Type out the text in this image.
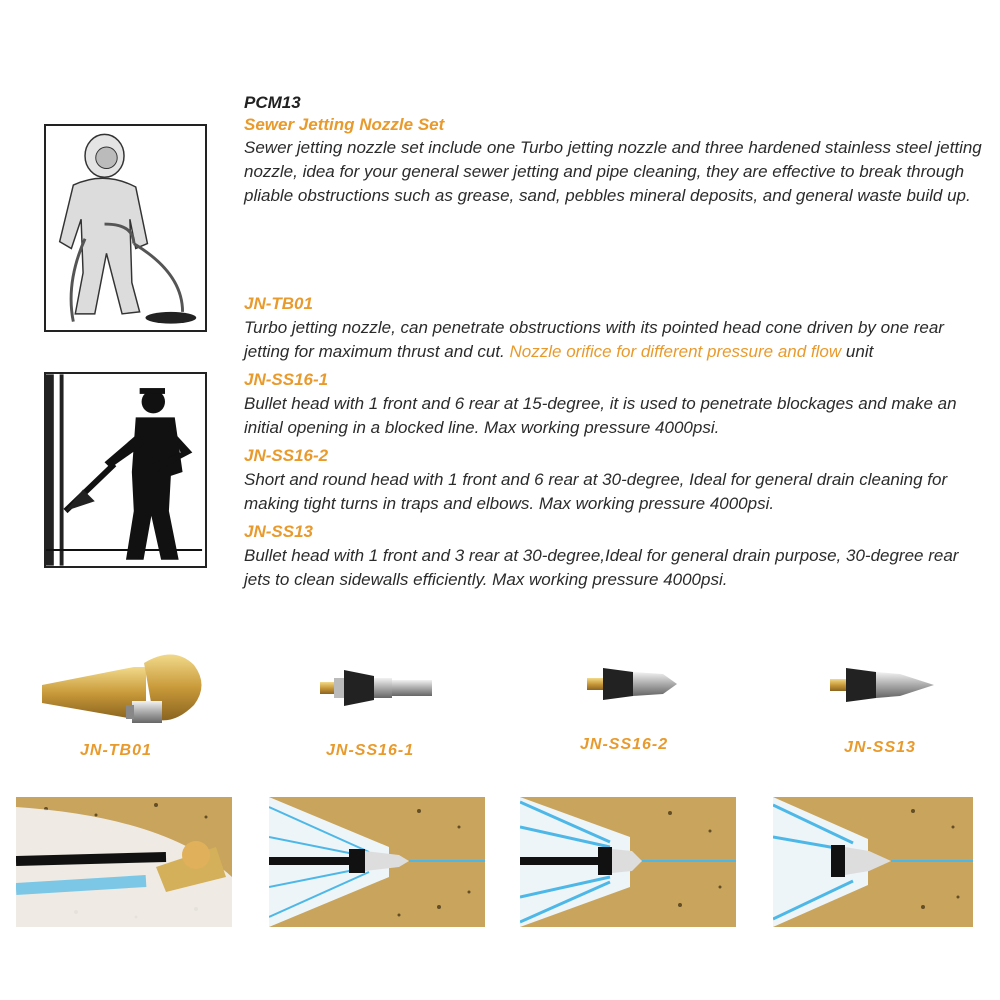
PCM13

Sewer Jetting Nozzle Set

Sewer jetting nozzle set include one Turbo jetting nozzle and three hardened stainless steel jetting nozzle, idea for your general sewer jetting and pipe cleaning, they are effective to break through pliable obstructions such as grease, sand, pebbles mineral deposits, and general waste build up.

JN-TB01

Turbo jetting nozzle, can penetrate obstructions with its pointed head cone driven by one rear jetting for maximum thrust and cut. Nozzle orifice for different pressure and flow unit

JN-SS16-1

Bullet head with 1 front and 6 rear at 15-degree, it is used to penetrate blockages and make an initial opening in a blocked line. Max working pressure 4000psi.

JN-SS16-2

Short and round head with 1 front and 6 rear at 30-degree, Ideal for general drain cleaning for making tight turns in traps and elbows. Max working pressure 4000psi.

JN-SS13

Bullet head with 1 front and 3 rear at 30-degree,Ideal for general drain purpose, 30-degree rear jets to clean sidewalls efficiently. Max working pressure 4000psi.

JN-TB01	JN-SS16-1	JN-SS16-2	JN-SS13
